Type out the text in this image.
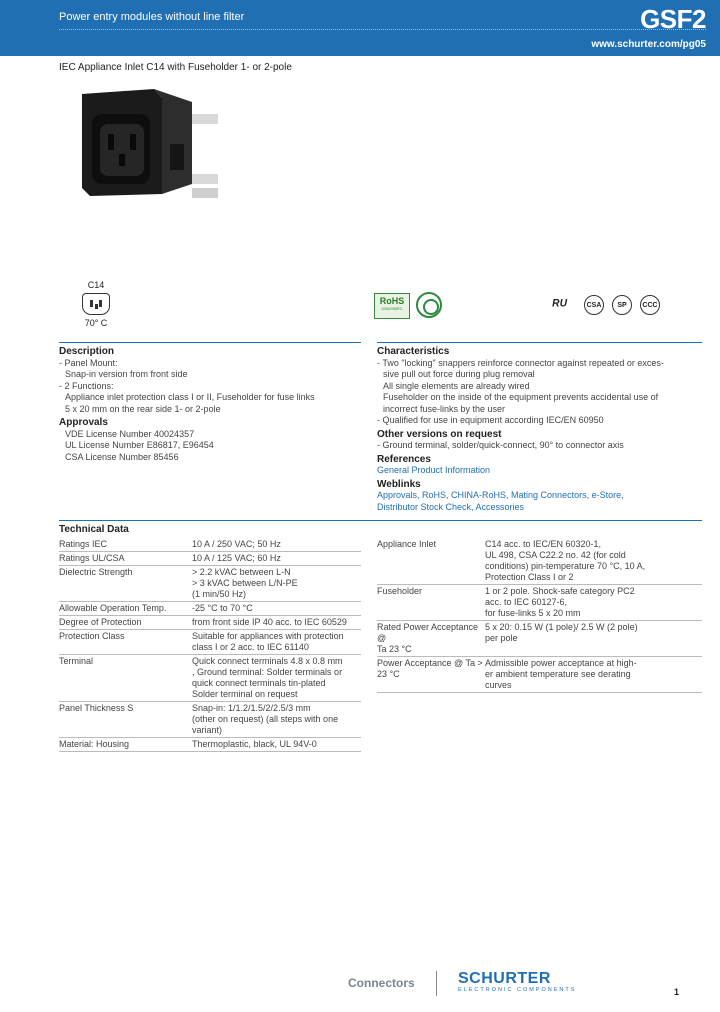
Power entry modules without line filter
www.schurter.com/pg05
GSF2
IEC Appliance Inlet C14 with Fuseholder 1- or 2-pole
C14
70° C
RoHS
2002/95/EC	ᴿᵁ	CSA	SP	CCC
Description

- Panel Mount:

Snap-in version from front side

- 2 Functions:

Appliance inlet protection class I or II, Fuseholder for fuse links

5 x 20 mm on the rear side 1- or 2-pole

Approvals

VDE License Number 40024357

UL License Number E86817, E96454

CSA License Number 85456

Characteristics

- Two "locking" snappers reinforce connector against repeated or exces-

sive pull out force during plug removal

All single elements are already wired

Fuseholder on the inside of the equipment prevents accidental use of

incorrect fuse-links by the user

- Qualified for use in equipment according IEC/EN 60950

Other versions on request

- Ground terminal, solder/quick-connect, 90° to connector axis

References

General Product Information

Weblinks

Approvals, RoHS, CHINA-RoHS, Mating Connectors, e-Store,

Distributor Stock Check, Accessories

Technical Data
Ratings IEC	10 A / 250 VAC; 50 Hz
Ratings UL/CSA	10 A / 125 VAC; 60 Hz
Dielectric Strength	> 2.2 kVAC between L-N
> 3 kVAC between L/N-PE
(1 min/50 Hz)
Allowable Operation Temp.	-25 °C to 70 °C
Degree of Protection	from front side IP 40 acc. to IEC 60529
Protection Class	Suitable for appliances with protection
class I or 2 acc. to IEC 61140
Terminal	Quick connect terminals 4.8 x 0.8 mm
, Ground terminal: Solder terminals or
quick connect terminals tin-plated
Solder terminal on request
Panel Thickness S	Snap-in: 1/1.2/1.5/2/2.5/3 mm
(other on request) (all steps with one
variant)
Material: Housing	Thermoplastic, black, UL 94V-0
Appliance Inlet	C14 acc. to IEC/EN 60320-1,
UL 498, CSA C22.2 no. 42 (for cold
conditions) pin-temperature 70 °C, 10 A,
Protection Class I or 2
Fuseholder	1 or 2 pole. Shock-safe category PC2
acc. to IEC 60127-6,
for fuse-links 5 x 20 mm
Rated Power Acceptance @
Ta 23 °C	5 x 20: 0.15 W (1 pole)/ 2.5 W (2 pole)
per pole
Power Acceptance @ Ta >
23 °C	Admissible power acceptance at high-
er ambient temperature see derating
curves
Connectors	SCHURTER
ELECTRONIC COMPONENTS	1
